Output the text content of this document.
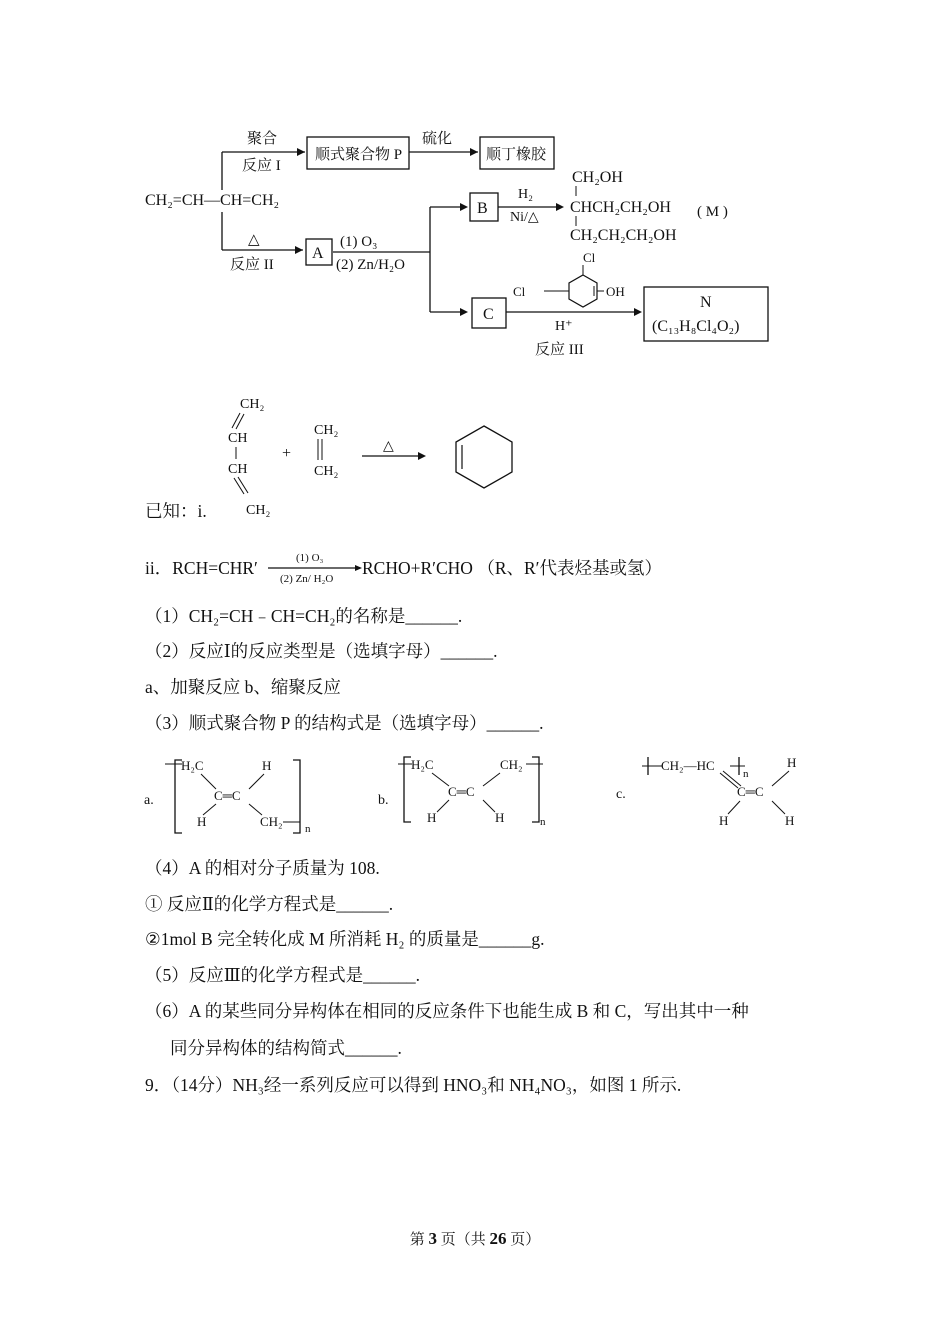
CH₂=CH—CH=CH₂
聚合
反应 I
顺式聚合物 P
硫化
顺丁橡胶
△
反应 II
A
(1) O₃
(2) Zn/H₂O
B
H₂
Ni/△
CH₂OH
CHCH₂CH₂OH
CH₂CH₂CH₂OH
( M )
C
Cl
Cl	OH
H⁺
反应 III
N
(C₁₃H₈Cl₄O₂)
CH₂
CH
CH
CH₂
+
CH₂
CH₂
△
(1) O₃
(2) Zn/ H₂O
a.
H₂C	H
C═C
H	CH₂ n
b.
H₂C	CH₂
C═C
H	H	n
c.
CH₂—HC
n
H
C═C
H	H
已知：i.
ii．RCH=CHR′	RCHO+R′CHO （R、R′代表烃基或氢）
（1）CH₂=CH﹣CH=CH₂的名称是______.
（2）反应Ⅰ的反应类型是（选填字母）______.
a、加聚反应 b、缩聚反应
（3）顺式聚合物 P 的结构式是（选填字母）______.
（4）A 的相对分子质量为 108.
① 反应Ⅱ的化学方程式是______.
②1mol B 完全转化成 M 所消耗 H₂ 的质量是______g.
（5）反应Ⅲ的化学方程式是______.
（6）A 的某些同分异构体在相同的反应条件下也能生成 B 和 C，写出其中一种
同分异构体的结构简式______.
9．（14分）NH₃经一系列反应可以得到 HNO₃和 NH₄NO₃，如图 1 所示.
第 3 页（共 26 页）
